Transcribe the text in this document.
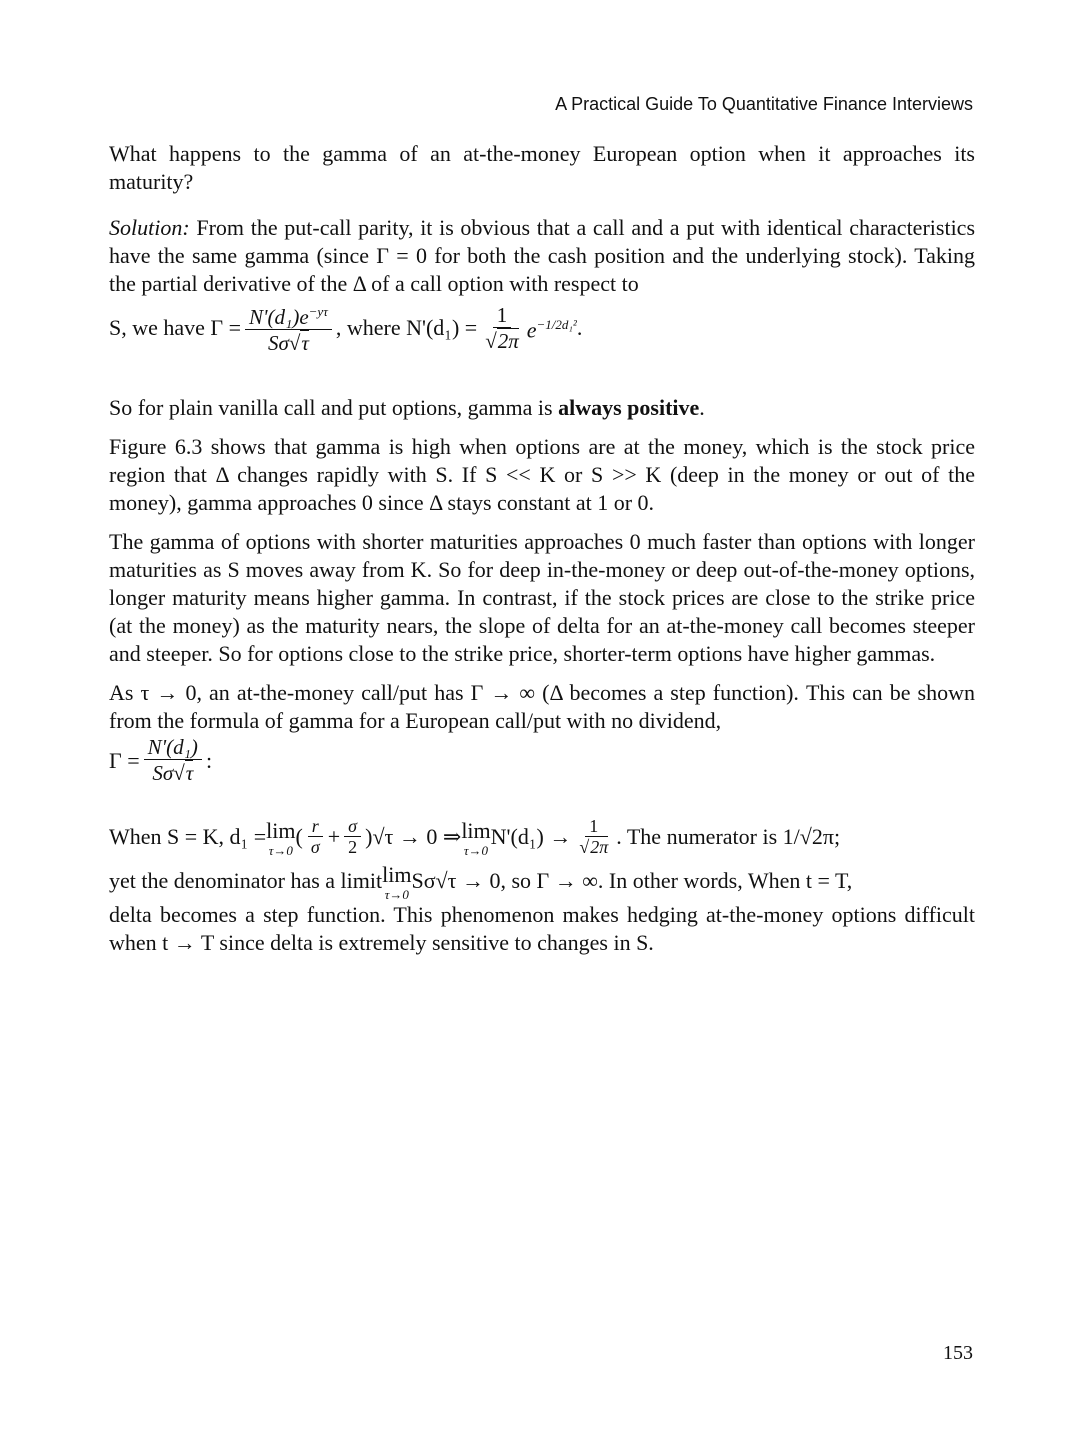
A Practical Guide To Quantitative Finance Interviews

What happens to the gamma of an at-the-money European option when it approaches its maturity?

Solution: From the put-call parity, it is obvious that a call and a put with identical characteristics have the same gamma (since Γ = 0 for both the cash position and the underlying stock). Taking the partial derivative of the Δ of a call option with respect to

S, we have $\Gamma = \frac{N'(d_1)e^{-y\tau}}{S\sigma√\tau}$ , where $N'(d_1) = \frac{1}{√2\pi} e^{-1/2d_1^2}$ .

So for plain vanilla call and put options, gamma is always positive.

Figure 6.3 shows that gamma is high when options are at the money, which is the stock price region that Δ changes rapidly with S. If S << K or S >> K (deep in the money or out of the money), gamma approaches 0 since Δ stays constant at 1 or 0.

The gamma of options with shorter maturities approaches 0 much faster than options with longer maturities as S moves away from K. So for deep in-the-money or deep out-of-the-money options, longer maturity means higher gamma. In contrast, if the stock prices are close to the strike price (at the money) as the maturity nears, the slope of delta for an at-the-money call becomes steeper and steeper. So for options close to the strike price, shorter-term options have higher gammas.

As τ → 0, an at-the-money call/put has Γ → ∞ (Δ becomes a step function). This can be shown from the formula of gamma for a European call/put with no dividend,

$\Gamma = \frac{\text{N'(d₁)}}{S\sigma√\tau}$ :
When S = K, d₁ = lim
τ→0
( $\frac{r}{\sigma} + \frac{\sigma}{2} )√\tau \to 0$ ⇒ lim
τ→0
$N'(d_1) \to \frac{1}{√2\pi}$ . The numerator is 1/√2π;
yet the denominator has a limit lim
τ→0
Sσ√τ → 0, so Γ → ∞. In other words, When t = T,

delta becomes a step function. This phenomenon makes hedging at-the-money options difficult when t → T since delta is extremely sensitive to changes in S.

153
